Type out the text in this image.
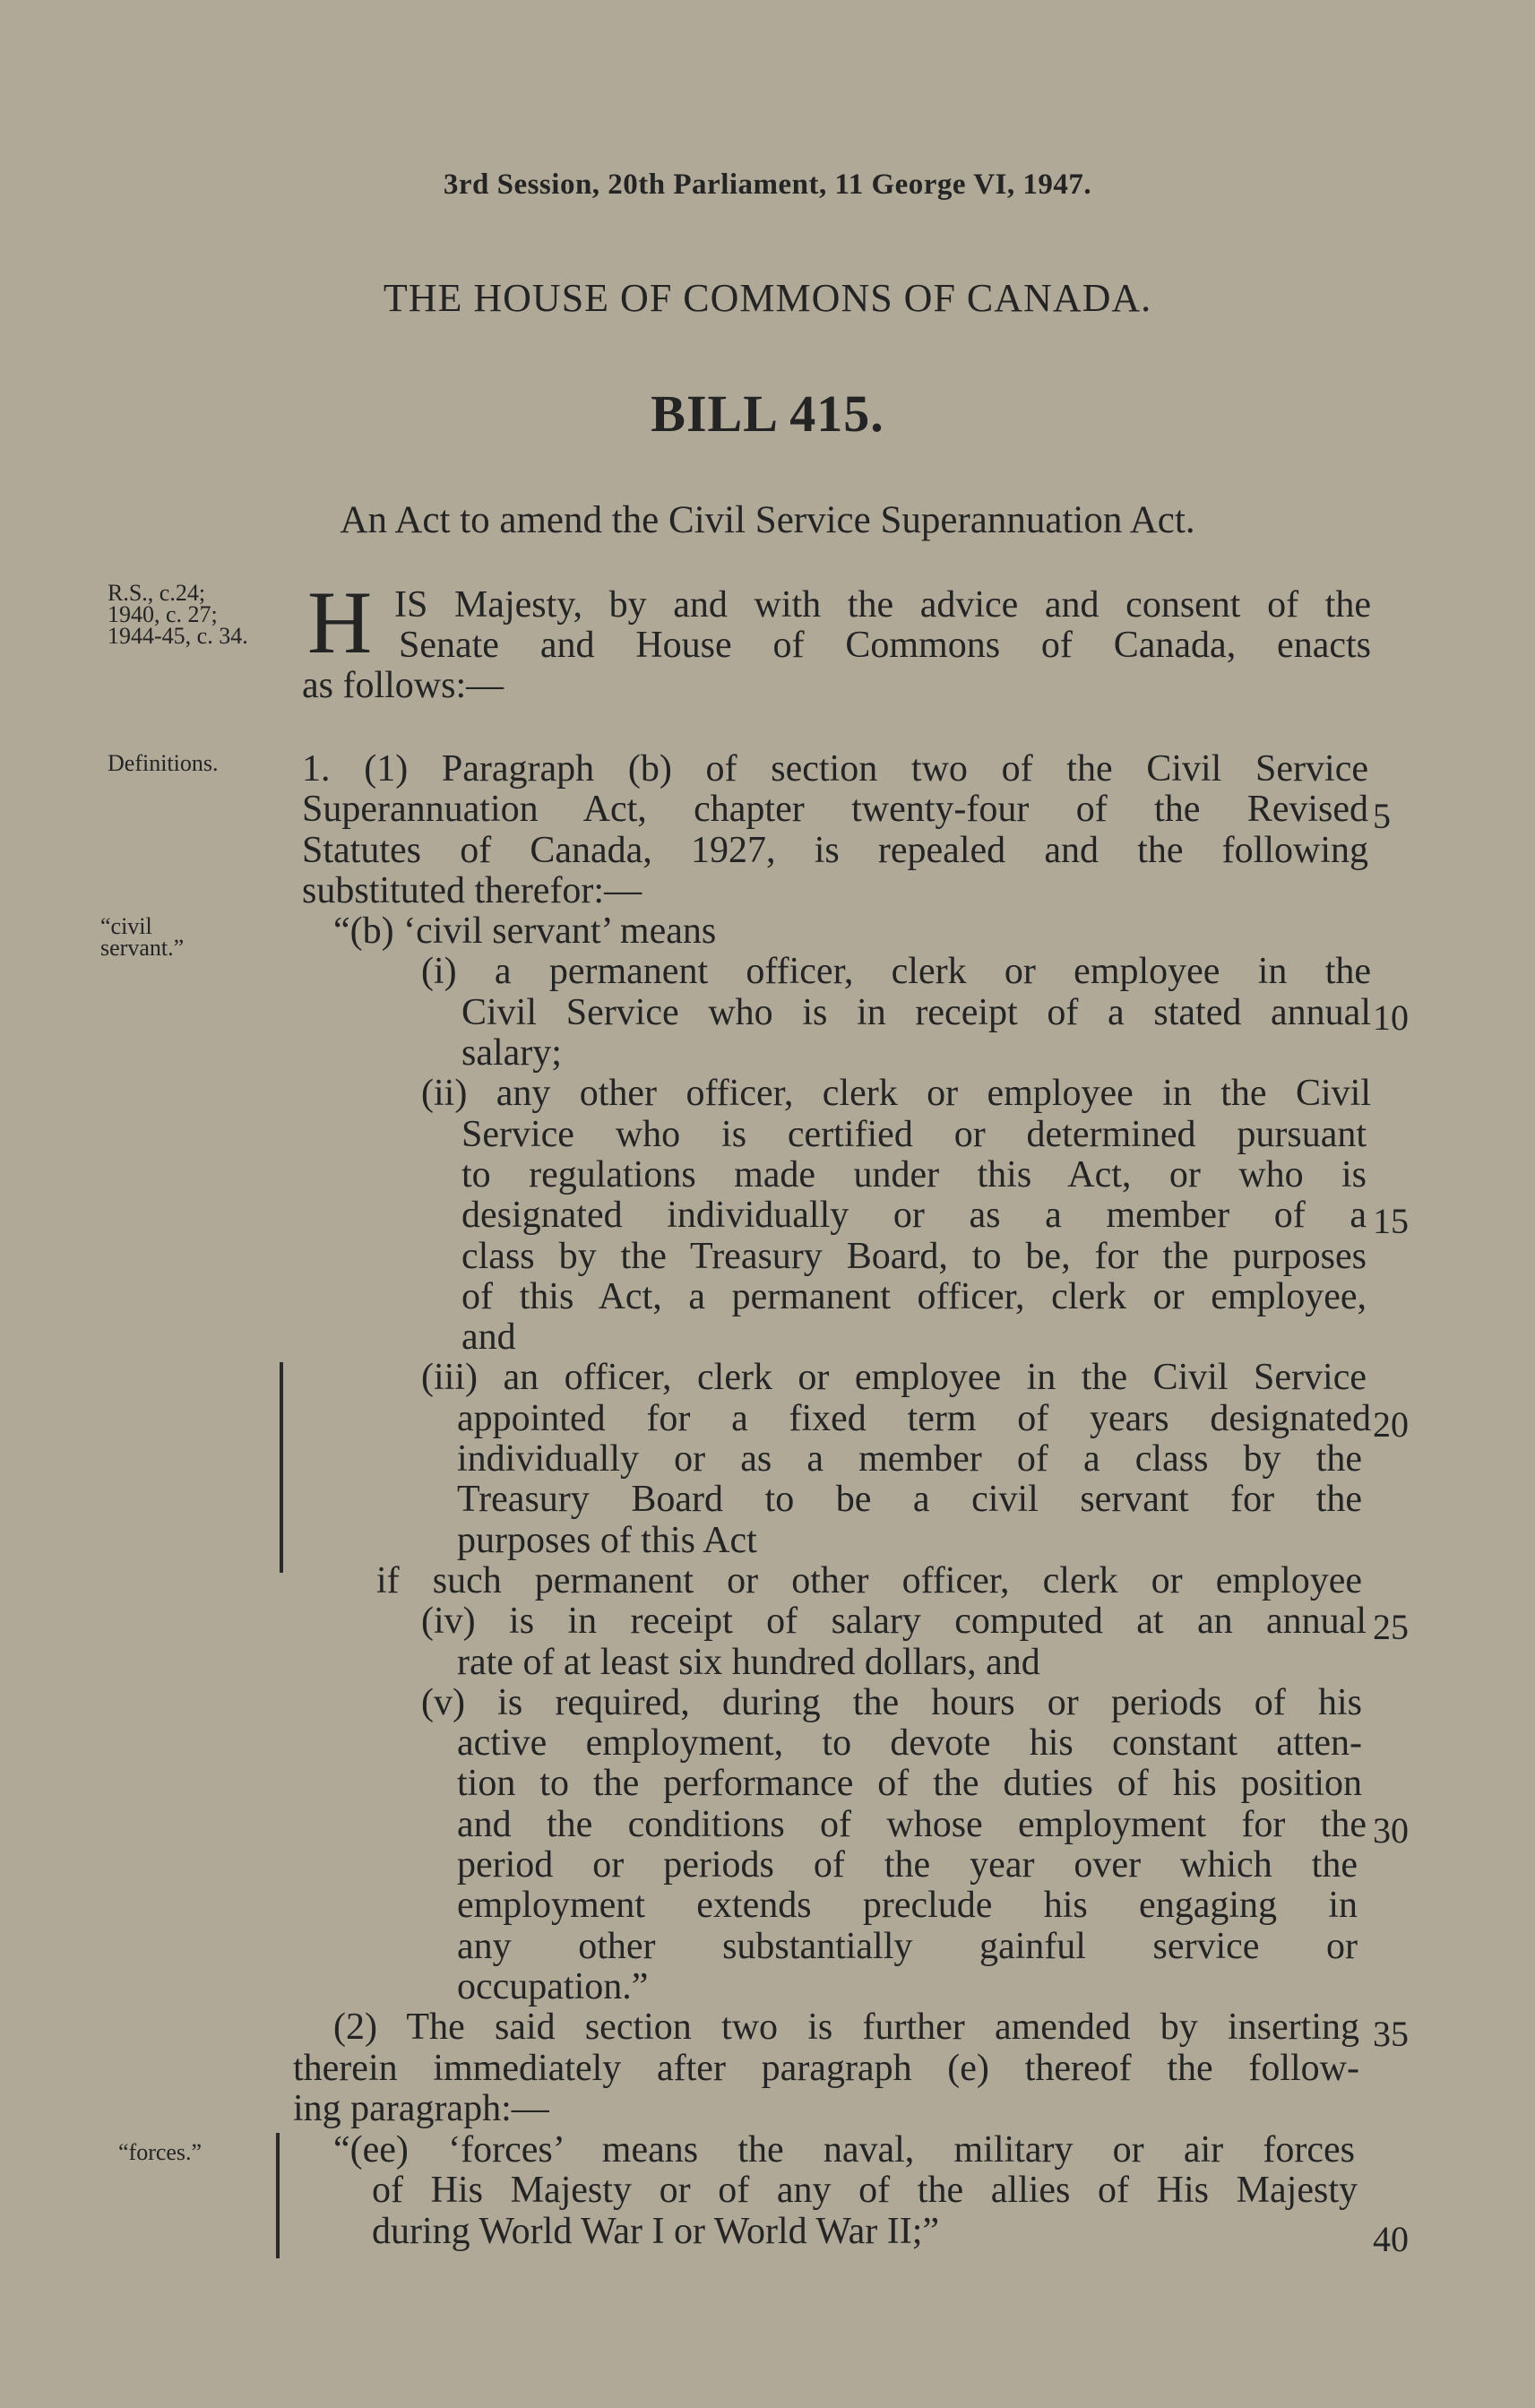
3rd Session, 20th Parliament, 11 George VI, 1947.
THE HOUSE OF COMMONS OF CANADA.
BILL 415.
An Act to amend the Civil Service Superannuation Act.
R.S., c.24;
1940, c. 27;
1944-45, c. 34.
Definitions.
“civil
servant.”
“forces.”
H IS Majesty, by and with the advice and consent of the
Senate and House of Commons of Canada, enacts
as follows:—
1. (1) Paragraph (b) of section two of the Civil Service
Superannuation Act, chapter twenty-four of the Revised
Statutes of Canada, 1927, is repealed and the following
substituted therefor:—
“(b) ‘civil servant’ means
(i) a permanent officer, clerk or employee in the
Civil Service who is in receipt of a stated annual
salary;
(ii) any other officer, clerk or employee in the Civil
Service who is certified or determined pursuant
to regulations made under this Act, or who is
designated individually or as a member of a
class by the Treasury Board, to be, for the purposes
of this Act, a permanent officer, clerk or employee,
and
(iii) an officer, clerk or employee in the Civil Service
appointed for a fixed term of years designated
individually or as a member of a class by the
Treasury Board to be a civil servant for the
purposes of this Act
if such permanent or other officer, clerk or employee
(iv) is in receipt of salary computed at an annual
rate of at least six hundred dollars, and
(v) is required, during the hours or periods of his
active employment, to devote his constant atten-
tion to the performance of the duties of his position
and the conditions of whose employment for the
period or periods of the year over which the
employment extends preclude his engaging in
any other substantially gainful service or
occupation.”
(2) The said section two is further amended by inserting
therein immediately after paragraph (e) thereof the follow-
ing paragraph:—
“(ee) ‘forces’ means the naval, military or air forces
of His Majesty or of any of the allies of His Majesty
during World War I or World War II;”
5
10
15
20
25
30
35
40
